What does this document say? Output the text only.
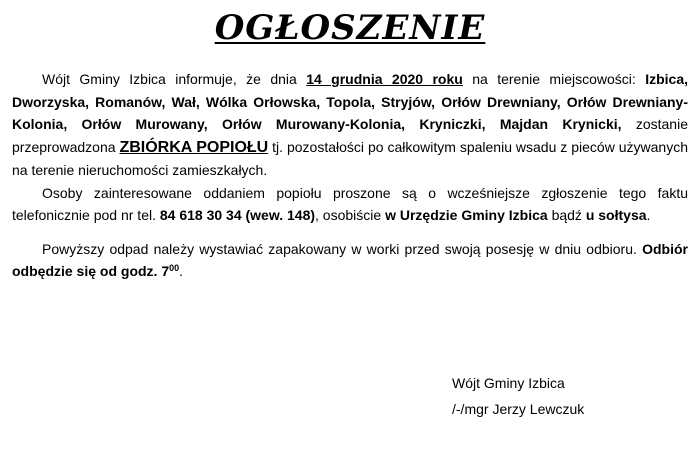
OGŁOSZENIE

Wójt Gminy Izbica informuje, że dnia 14 grudnia 2020 roku na terenie miejscowości: Izbica, Dworzyska, Romanów, Wał, Wólka Orłowska, Topola, Stryjów, Orłów Drewniany, Orłów Drewniany-Kolonia, Orłów Murowany, Orłów Murowany-Kolonia, Kryniczki, Majdan Krynicki, zostanie przeprowadzona ZBIÓRKA POPIOŁU tj. pozostałości po całkowitym spaleniu wsadu z pieców używanych na terenie nieruchomości zamieszkałych.

Osoby zainteresowane oddaniem popiołu proszone są o wcześniejsze zgłoszenie tego faktu telefonicznie pod nr tel. 84 618 30 34 (wew. 148), osobiście w Urzędzie Gminy Izbica bądź u sołtysa.

Powyższy odpad należy wystawiać zapakowany w worki przed swoją posesję w dniu odbioru. Odbiór odbędzie się od godz. $7^{00}$.

Wójt Gminy Izbica
/-/mgr Jerzy Lewczuk
